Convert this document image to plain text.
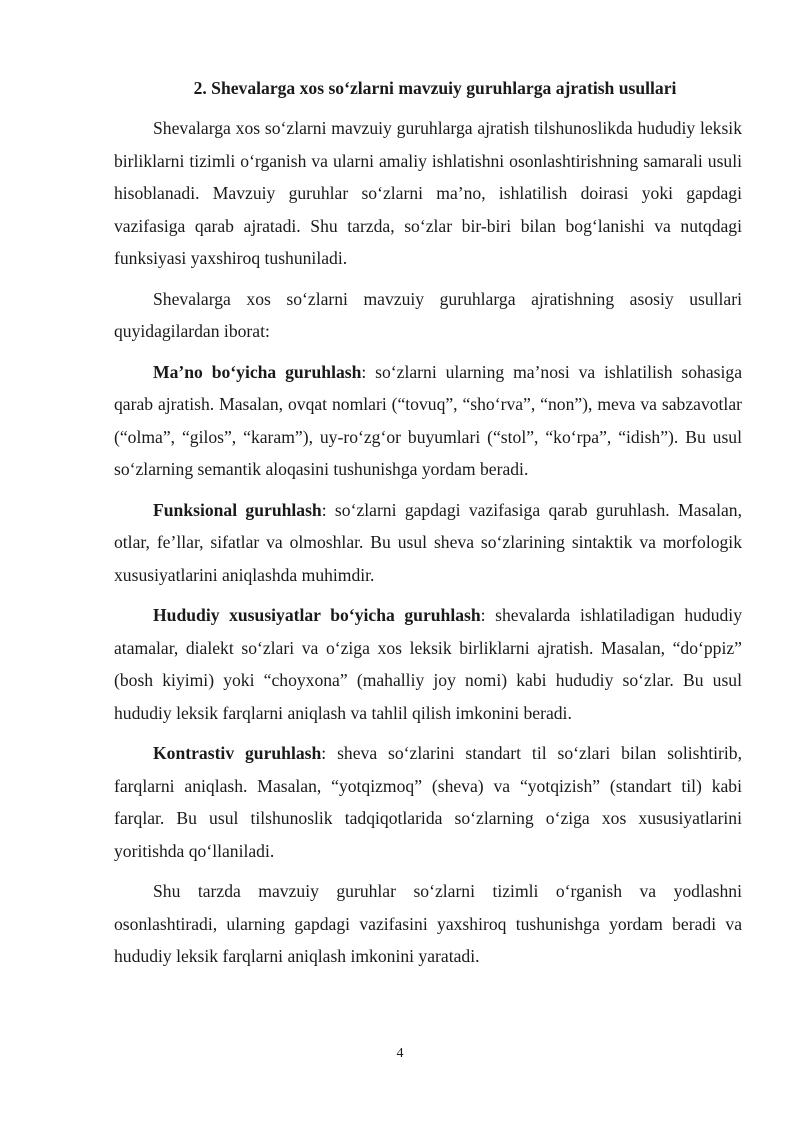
2. Shevalarga xos so‘zlarni mavzuiy guruhlarga ajratish usullari

Shevalarga xos so‘zlarni mavzuiy guruhlarga ajratish tilshunoslikda hududiy leksik birliklarni tizimli o‘rganish va ularni amaliy ishlatishni osonlashtirishning samarali usuli hisoblanadi. Mavzuiy guruhlar so‘zlarni ma’no, ishlatilish doirasi yoki gapdagi vazifasiga qarab ajratadi. Shu tarzda, so‘zlar bir-biri bilan bog‘lanishi va nutqdagi funksiyasi yaxshiroq tushuniladi.

Shevalarga xos so‘zlarni mavzuiy guruhlarga ajratishning asosiy usullari quyidagilardan iborat:

Ma’no bo‘yicha guruhlash: so‘zlarni ularning ma’nosi va ishlatilish sohasiga qarab ajratish. Masalan, ovqat nomlari (“tovuq”, “sho‘rva”, “non”), meva va sabzavotlar (“olma”, “gilos”, “karam”), uy-ro‘zg‘or buyumlari (“stol”, “ko‘rpa”, “idish”). Bu usul so‘zlarning semantik aloqasini tushunishga yordam beradi.

Funksional guruhlash: so‘zlarni gapdagi vazifasiga qarab guruhlash. Masalan, otlar, fe’llar, sifatlar va olmoshlar. Bu usul sheva so‘zlarining sintaktik va morfologik xususiyatlarini aniqlashda muhimdir.

Hududiy xususiyatlar bo‘yicha guruhlash: shevalarda ishlatiladigan hududiy atamalar, dialekt so‘zlari va o‘ziga xos leksik birliklarni ajratish. Masalan, “do‘ppiz” (bosh kiyimi) yoki “choyxona” (mahalliy joy nomi) kabi hududiy so‘zlar. Bu usul hududiy leksik farqlarni aniqlash va tahlil qilish imkonini beradi.

Kontrastiv guruhlash: sheva so‘zlarini standart til so‘zlari bilan solishtirib, farqlarni aniqlash. Masalan, “yotqizmoq” (sheva) va “yotqizish” (standart til) kabi farqlar. Bu usul tilshunoslik tadqiqotlarida so‘zlarning o‘ziga xos xususiyatlarini yoritishda qo‘llaniladi.

Shu tarzda mavzuiy guruhlar so‘zlarni tizimli o‘rganish va yodlashni osonlashtiradi, ularning gapdagi vazifasini yaxshiroq tushunishga yordam beradi va hududiy leksik farqlarni aniqlash imkonini yaratadi.

4
